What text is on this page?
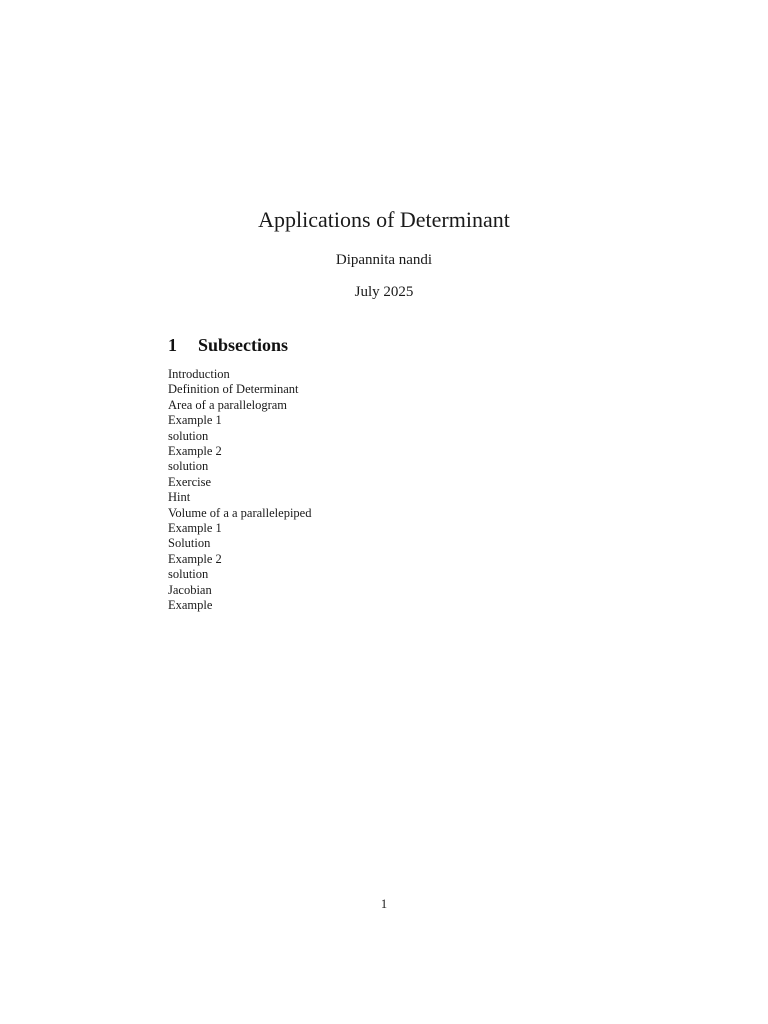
Applications of Determinant
Dipannita nandi
July 2025
1 Subsections
Introduction
Definition of Determinant
Area of a parallelogram
Example 1
solution
Example 2
solution
Exercise
Hint
Volume of a a parallelepiped
Example 1
Solution
Example 2
solution
Jacobian
Example
1
